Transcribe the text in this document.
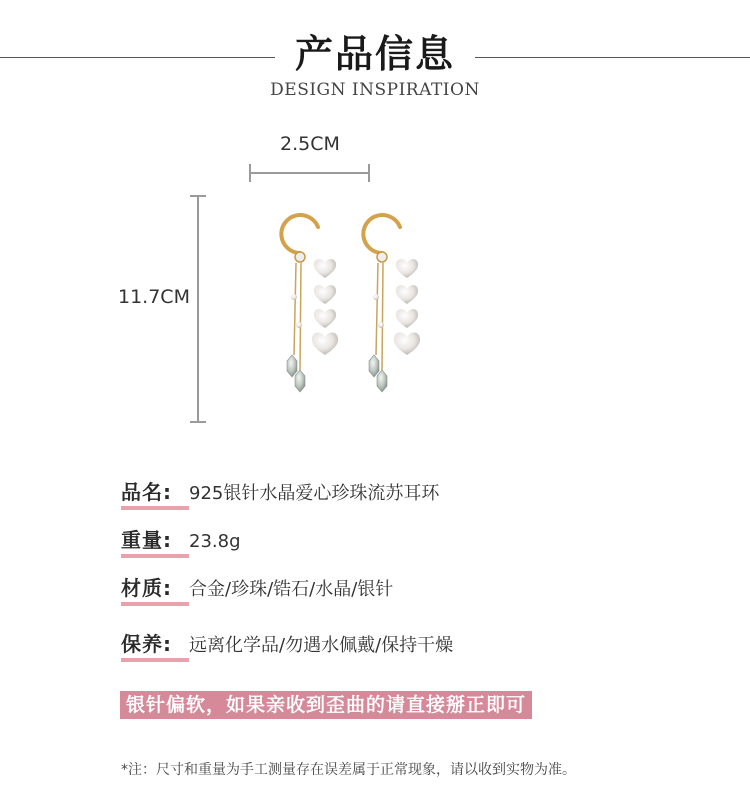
产品信息
DESIGN INSPIRATION
2.5CM
11.7CM
品名: 925银针水晶爱心珍珠流苏耳环
重量: 23.8g
材质: 合金/珍珠/锆石/水晶/银针
保养: 远离化学品/勿遇水佩戴/保持干燥
银针偏软，如果亲收到歪曲的请直接掰正即可
*注：尺寸和重量为手工测量存在误差属于正常现象，请以收到实物为准。
